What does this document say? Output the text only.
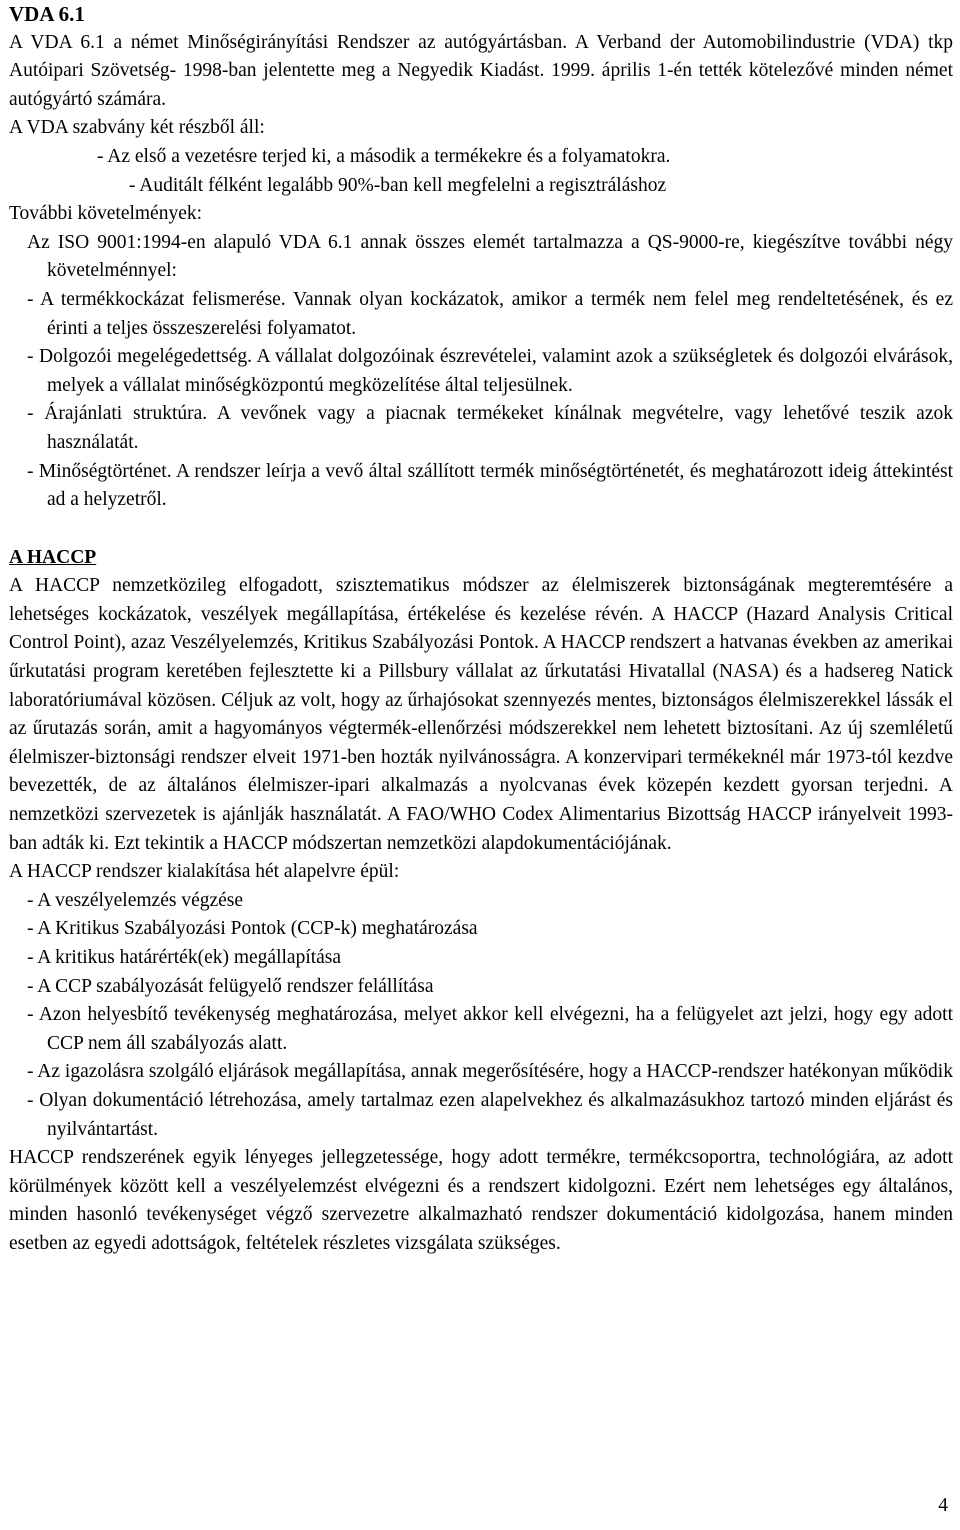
VDA 6.1

A VDA 6.1 a német Minőségirányítási Rendszer az autógyártásban. A Verband der Automobilindustrie (VDA) tkp Autóipari Szövetség- 1998-ban jelentette meg a Negyedik Kiadást. 1999. április 1-én tették kötelezővé minden német autógyártó számára.

A VDA szabvány két részből áll:

- Az első a vezetésre terjed ki, a második a termékekre és a folyamatokra.

- Auditált félként legalább 90%-ban kell megfelelni a regisztráláshoz

További követelmények:

Az ISO 9001:1994-en alapuló VDA 6.1 annak összes elemét tartalmazza a QS-9000-re, kiegészítve további négy követelménnyel:

- A termékkockázat felismerése. Vannak olyan kockázatok, amikor a termék nem felel meg rendeltetésének, és ez érinti a teljes összeszerelési folyamatot.

- Dolgozói megelégedettség. A vállalat dolgozóinak észrevételei, valamint azok a szükségletek és dolgozói elvárások, melyek a vállalat minőségközpontú megközelítése által teljesülnek.

- Árajánlati struktúra. A vevőnek vagy a piacnak termékeket kínálnak megvételre, vagy lehetővé teszik azok használatát.

- Minőségtörténet. A rendszer leírja a vevő által szállított termék minőségtörténetét, és meghatározott ideig áttekintést ad a helyzetről.

A HACCP

A HACCP nemzetközileg elfogadott, szisztematikus módszer az élelmiszerek biztonságának megteremtésére a lehetséges kockázatok, veszélyek megállapítása, értékelése és kezelése révén. A HACCP (Hazard Analysis Critical Control Point), azaz Veszélyelemzés, Kritikus Szabályozási Pontok. A HACCP rendszert a hatvanas években az amerikai űrkutatási program keretében fejlesztette ki a Pillsbury vállalat az űrkutatási Hivatallal (NASA) és a hadsereg Natick laboratóriumával közösen. Céljuk az volt, hogy az űrhajósokat szennyezés mentes, biztonságos élelmiszerekkel lássák el az űrutazás során, amit a hagyományos végtermék-ellenőrzési módszerekkel nem lehetett biztosítani. Az új szemléletű élelmiszer-biztonsági rendszer elveit 1971-ben hozták nyilvánosságra. A konzervipari termékeknél már 1973-tól kezdve bevezették, de az általános élelmiszer-ipari alkalmazás a nyolcvanas évek közepén kezdett gyorsan terjedni. A nemzetközi szervezetek is ajánlják használatát. A FAO/WHO Codex Alimentarius Bizottság HACCP irányelveit 1993-ban adták ki. Ezt tekintik a HACCP módszertan nemzetközi alapdokumentációjának.

A HACCP rendszer kialakítása hét alapelvre épül:

- A veszélyelemzés végzése

- A Kritikus Szabályozási Pontok (CCP-k) meghatározása

- A kritikus határérték(ek) megállapítása

- A CCP szabályozását felügyelő rendszer felállítása

- Azon helyesbítő tevékenység meghatározása, melyet akkor kell elvégezni, ha a felügyelet azt jelzi, hogy egy adott CCP nem áll szabályozás alatt.

- Az igazolásra szolgáló eljárások megállapítása, annak megerősítésére, hogy a HACCP-rendszer hatékonyan működik

- Olyan dokumentáció létrehozása, amely tartalmaz ezen alapelvekhez és alkalmazásukhoz tartozó minden eljárást és nyilvántartást.

HACCP rendszerének egyik lényeges jellegzetessége, hogy adott termékre, termékcsoportra, technológiára, az adott körülmények között kell a veszélyelemzést elvégezni és a rendszert kidolgozni. Ezért nem lehetséges egy általános, minden hasonló tevékenységet végző szervezetre alkalmazható rendszer dokumentáció kidolgozása, hanem minden esetben az egyedi adottságok, feltételek részletes vizsgálata szükséges.

4
